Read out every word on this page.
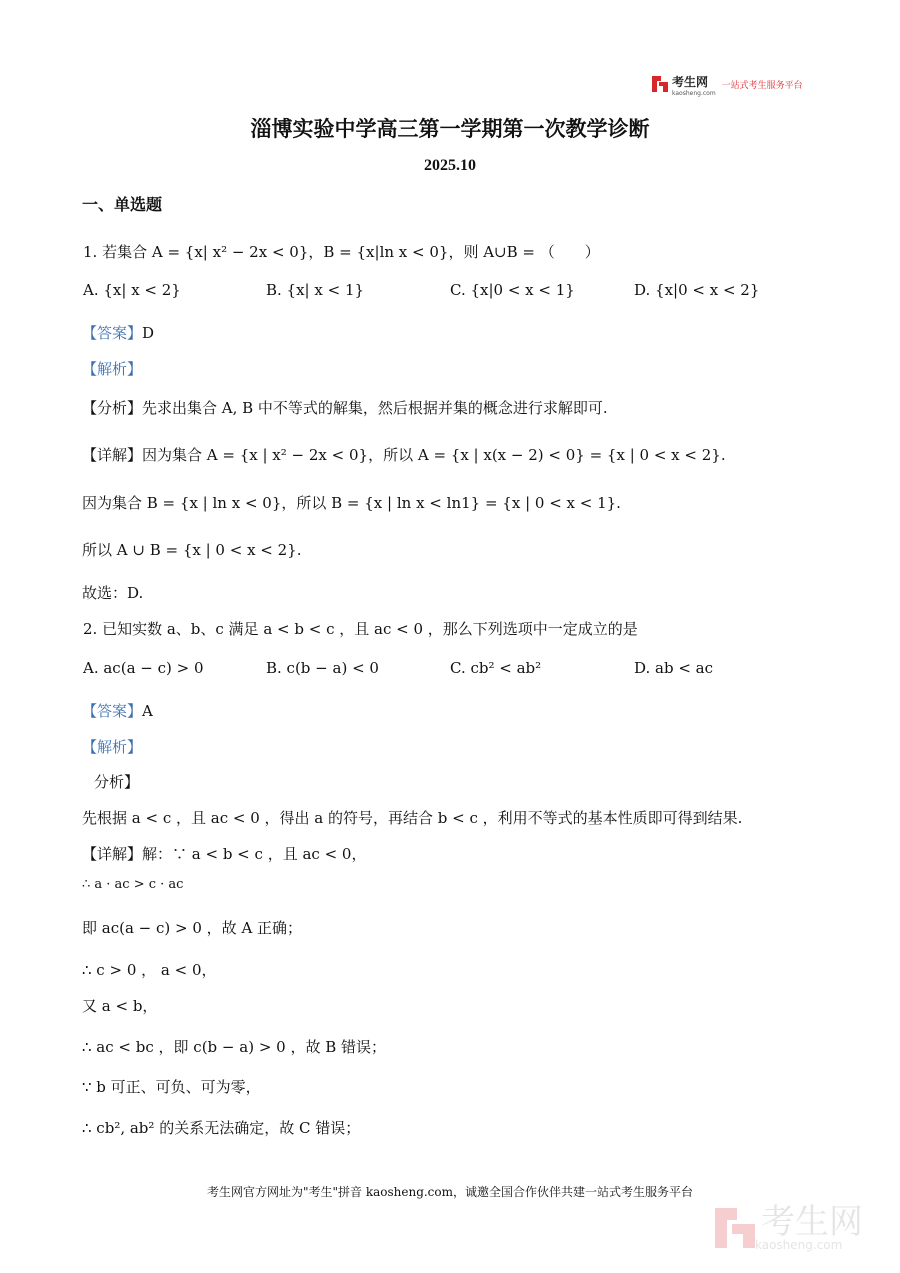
考生网
kaosheng.com
一站式考生服务平台
淄博实验中学高三第一学期第一次教学诊断
2025.10
一、单选题
1. 若集合 A = {x| x² − 2x < 0}，B = {x|ln x < 0}，则 A∪B = （　　）
A. {x| x < 2}	B. {x| x < 1}	C. {x|0 < x < 1}	D. {x|0 < x < 2}
【答案】D
【解析】
【分析】先求出集合 A, B 中不等式的解集，然后根据并集的概念进行求解即可.
【详解】因为集合 A = {x | x² − 2x < 0}，所以 A = {x | x(x − 2) < 0} = {x | 0 < x < 2}.
因为集合 B = {x | ln x < 0}，所以 B = {x | ln x < ln1} = {x | 0 < x < 1}.
所以 A ∪ B = {x | 0 < x < 2}.
故选：D.
2. 已知实数 a、b、c 满足 a < b < c ，且 ac < 0 ，那么下列选项中一定成立的是
A. ac(a − c) > 0	B. c(b − a) < 0	C. cb² < ab²	D. ab < ac
【答案】A
【解析】
分析】
先根据 a < c ，且 ac < 0 ，得出 a 的符号，再结合 b < c ，利用不等式的基本性质即可得到结果.
【详解】解：∵ a < b < c ，且 ac < 0，
∴ a · ac > c · ac
即 ac(a − c) > 0 ，故 A 正确；
∴ c > 0 ， a < 0，
又 a < b，
∴ ac < bc ，即 c(b − a) > 0 ，故 B 错误；
∵ b 可正、可负、可为零，
∴ cb², ab² 的关系无法确定，故 C 错误；
考生网官方网址为"考生"拼音 kaosheng.com，诚邀全国合作伙伴共建一站式考生服务平台
考生网
kaosheng.com
